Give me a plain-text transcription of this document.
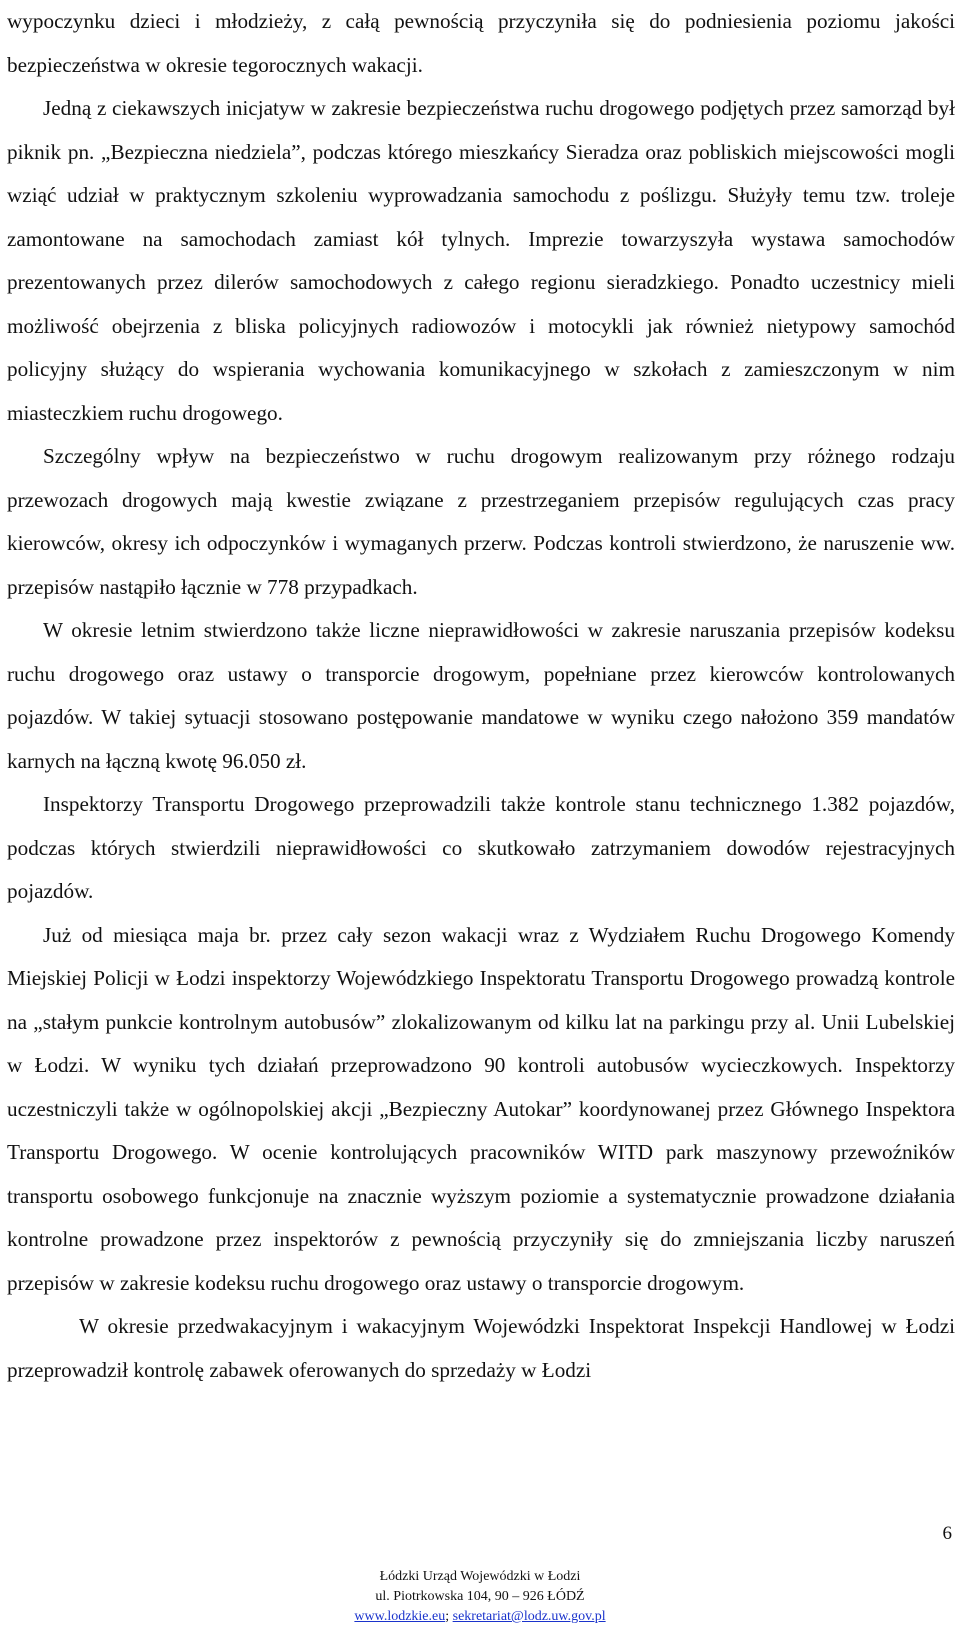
wypoczynku dzieci i młodzieży, z całą pewnością przyczyniła się do podniesienia poziomu jakości bezpieczeństwa w okresie tegorocznych wakacji.

Jedną z ciekawszych inicjatyw w zakresie bezpieczeństwa ruchu drogowego podjętych przez samorząd był piknik pn. „Bezpieczna niedziela”, podczas którego mieszkańcy Sieradza oraz pobliskich miejscowości mogli wziąć udział w praktycznym szkoleniu wyprowadzania samochodu z poślizgu. Służyły temu tzw. troleje zamontowane na samochodach zamiast kół tylnych. Imprezie towarzyszyła wystawa samochodów prezentowanych przez dilerów samochodowych z całego regionu sieradzkiego. Ponadto uczestnicy mieli możliwość obejrzenia z bliska policyjnych radiowozów i motocykli jak również nietypowy samochód policyjny służący do wspierania wychowania komunikacyjnego w szkołach z zamieszczonym w nim miasteczkiem ruchu drogowego.

Szczególny wpływ na bezpieczeństwo w ruchu drogowym realizowanym przy różnego rodzaju przewozach drogowych mają kwestie związane z przestrzeganiem przepisów regulujących czas pracy kierowców, okresy ich odpoczynków i wymaganych przerw. Podczas kontroli stwierdzono, że naruszenie ww. przepisów nastąpiło łącznie w 778 przypadkach.

W okresie letnim stwierdzono także liczne nieprawidłowości w zakresie naruszania przepisów kodeksu ruchu drogowego oraz ustawy o transporcie drogowym, popełniane przez kierowców kontrolowanych pojazdów. W takiej sytuacji stosowano postępowanie mandatowe w wyniku czego nałożono 359 mandatów karnych na łączną kwotę 96.050 zł.

Inspektorzy Transportu Drogowego przeprowadzili także kontrole stanu technicznego 1.382 pojazdów, podczas których stwierdzili nieprawidłowości co skutkowało zatrzymaniem dowodów rejestracyjnych pojazdów.

Już od miesiąca maja br. przez cały sezon wakacji wraz z Wydziałem Ruchu Drogowego Komendy Miejskiej Policji w Łodzi inspektorzy Wojewódzkiego Inspektoratu Transportu Drogowego prowadzą kontrole na „stałym punkcie kontrolnym autobusów” zlokalizowanym od kilku lat na parkingu przy al. Unii Lubelskiej w Łodzi. W wyniku tych działań przeprowadzono 90 kontroli autobusów wycieczkowych. Inspektorzy uczestniczyli także w ogólnopolskiej akcji „Bezpieczny Autokar” koordynowanej przez Głównego Inspektora Transportu Drogowego. W ocenie kontrolujących pracowników WITD park maszynowy przewoźników transportu osobowego funkcjonuje na znacznie wyższym poziomie a systematycznie prowadzone działania kontrolne prowadzone przez inspektorów z pewnością przyczyniły się do zmniejszania liczby naruszeń przepisów w zakresie kodeksu ruchu drogowego oraz ustawy o transporcie drogowym.

W okresie przedwakacyjnym i wakacyjnym Wojewódzki Inspektorat Inspekcji Handlowej w Łodzi przeprowadził kontrolę zabawek oferowanych do sprzedaży w Łodzi

6
Łódzki Urząd Wojewódzki w Łodzi
ul. Piotrkowska 104, 90 – 926 ŁÓDŹ
www.lodzkie.eu; sekretariat@lodz.uw.gov.pl
